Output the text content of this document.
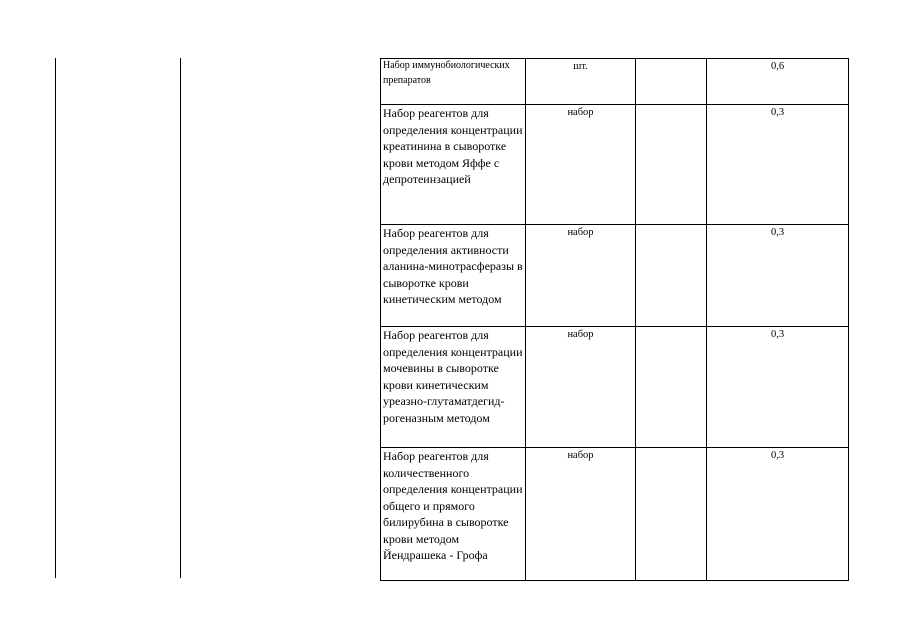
Набор иммунобиологических препаратов	шт.		0,6
Набор реагентов для определения концентрации креатинина в сыворотке крови методом Яффе с депротеинзацией	набор		0,3
Набор реагентов для определения активности аланина-минотрасферазы в сыворотке крови кинетическим методом	набор		0,3
Набор реагентов для определения концентрации мочевины в сыворотке крови кинетическим уреазно-глутаматдегид-рогеназным методом	набор		0,3
Набор реагентов для количественного определения концентрации общего и прямого билирубина в сыворотке крови методом Йендрашека - Грофа	набор		0,3
